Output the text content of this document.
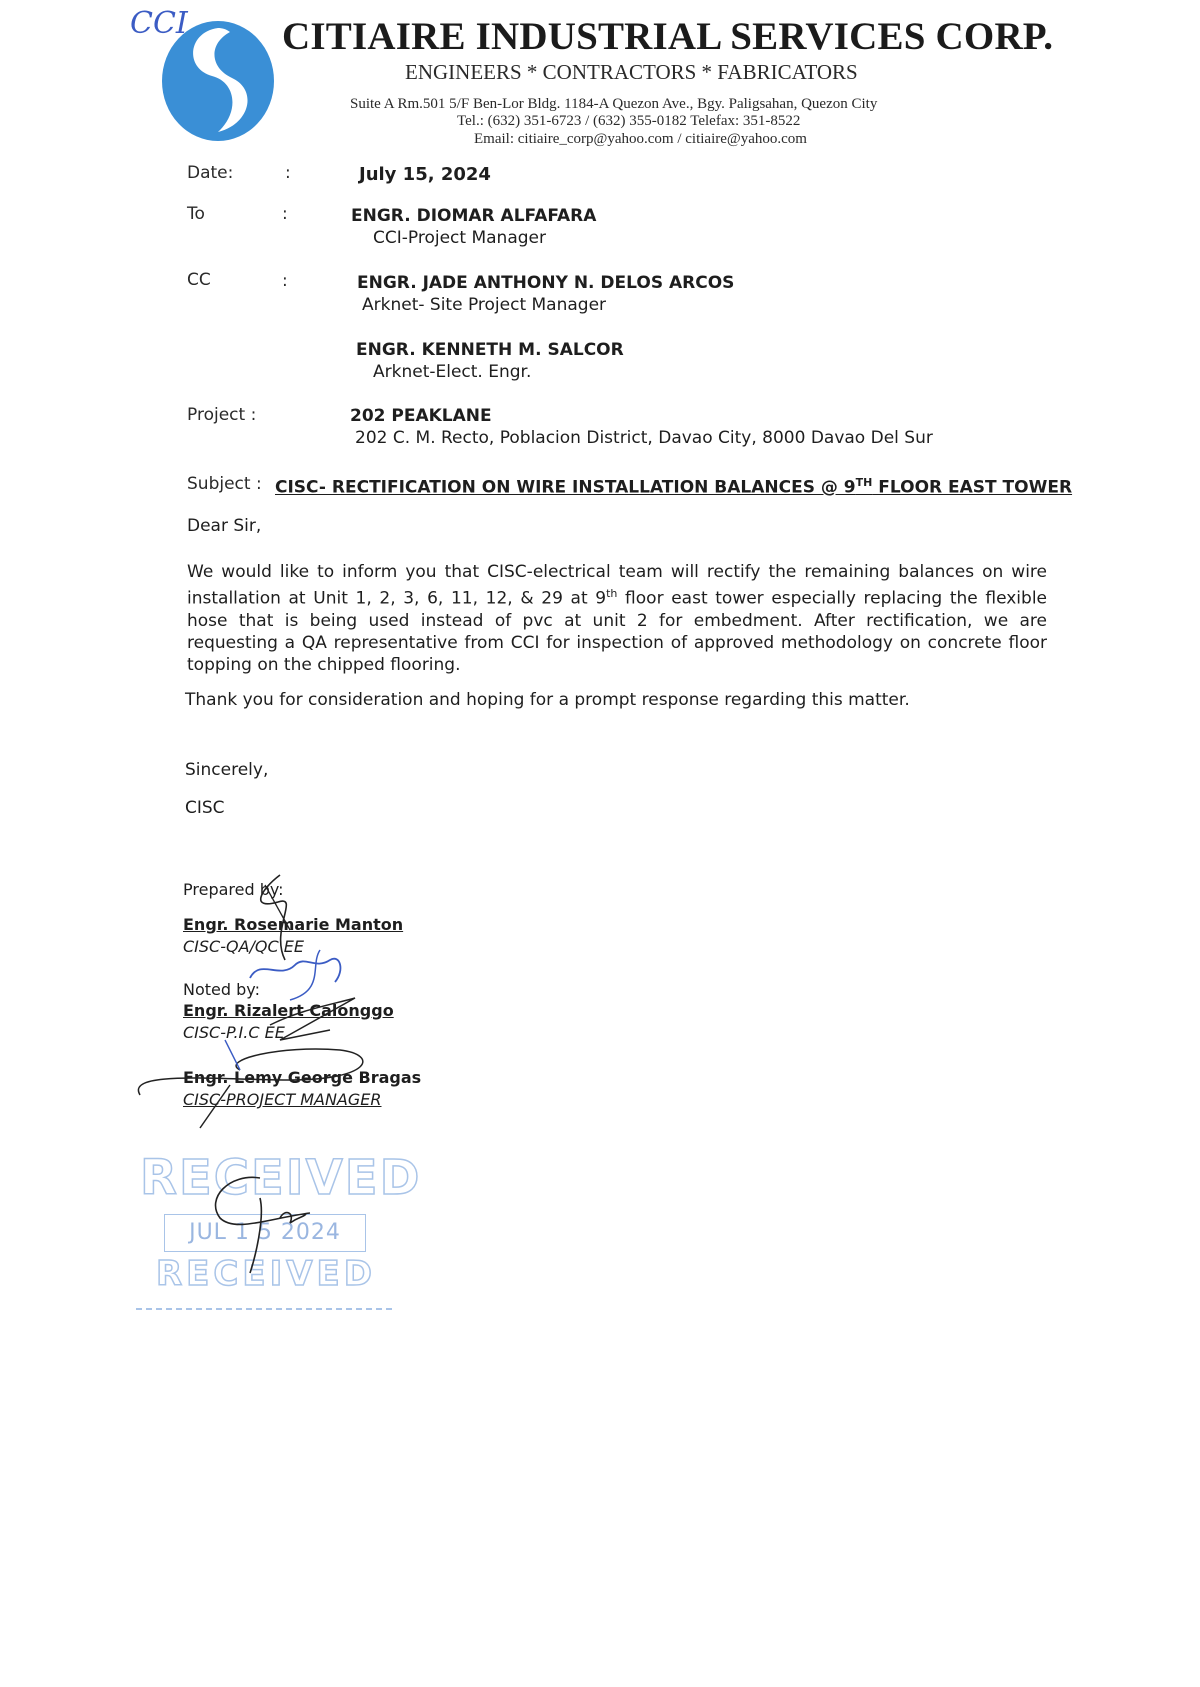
CCI CITIAIRE INDUSTRIAL SERVICES CORP.
ENGINEERS * CONTRACTORS * FABRICATORS
Suite A Rm.501 5/F Ben-Lor Bldg. 1184-A Quezon Ave., Bgy. Paligsahan, Quezon City
Tel.: (632) 351-6723 / (632) 355-0182 Telefax: 351-8522
Email: citiaire_corp@yahoo.com / citiaire@yahoo.com
Date:	:	July 15, 2024
To	:	ENGR. DIOMAR ALFAFARA
CCI-Project Manager
CC	:	ENGR. JADE ANTHONY N. DELOS ARCOS
Arknet- Site Project Manager
ENGR. KENNETH M. SALCOR
Arknet-Elect. Engr.
Project :	202 PEAKLANE
202 C. M. Recto, Poblacion District, Davao City, 8000 Davao Del Sur
Subject : CISC- RECTIFICATION ON WIRE INSTALLATION BALANCES @ 9TH FLOOR EAST TOWER
Dear Sir,
We would like to inform you that CISC-electrical team will rectify the remaining balances on wire installation at Unit 1, 2, 3, 6, 11, 12, & 29 at 9th floor east tower especially replacing the flexible hose that is being used instead of pvc at unit 2 for embedment. After rectification, we are requesting a QA representative from CCI for inspection of approved methodology on concrete floor topping on the chipped flooring.
Thank you for consideration and hoping for a prompt response regarding this matter.
Sincerely,
CISC
Prepared by:
Engr. Rosemarie Manton
CISC-QA/QC EE
Noted by:
Engr. Rizalert Calonggo
CISC-P.I.C EE
Engr. Lemy George Bragas
CISC-PROJECT MANAGER
RECEIVED
JUL 1 5 2024
RECEIVED
